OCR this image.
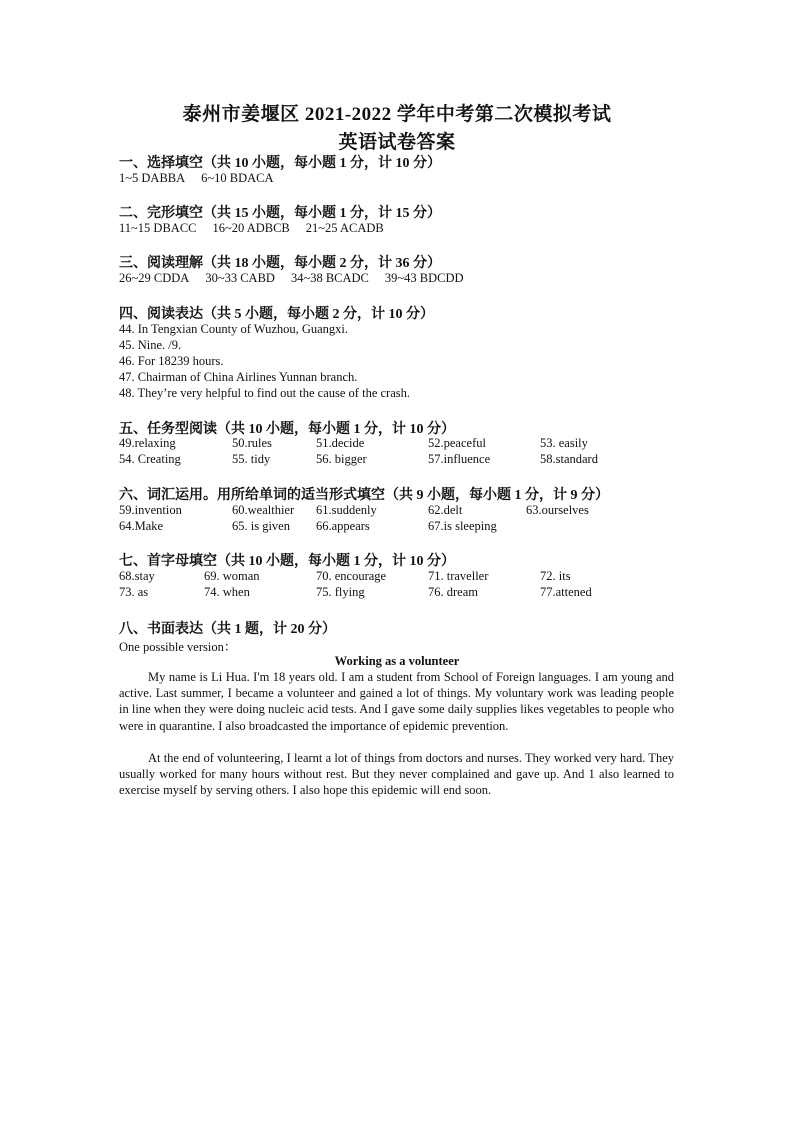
泰州市姜堰区 2021-2022 学年中考第二次模拟考试
英语试卷答案
一、选择填空（共 10 小题，每小题 1 分，计 10 分）
1~5 DABBA 6~10 BDACA
二、完形填空（共 15 小题，每小题 1 分，计 15 分）
11~15 DBACC 16~20 ADBCB 21~25 ACADB
三、阅读理解（共 18 小题，每小题 2 分，计 36 分）
26~29 CDDA 30~33 CABD 34~38 BCADC 39~43 BDCDD
四、阅读表达（共 5 小题，每小题 2 分，计 10 分）
44. In Tengxian County of Wuzhou, Guangxi.
45. Nine. /9.
46. For 18239 hours.
47. Chairman of China Airlines Yunnan branch.
48. They’re very helpful to find out the cause of the crash.
五、任务型阅读（共 10 小题，每小题 1 分，计 10 分）
49.relaxing	50.rules	51.decide	52.peaceful	53. easily
54. Creating	55. tidy	56. bigger	57.influence	58.standard
六、词汇运用。用所给单词的适当形式填空（共 9 小题，每小题 1 分，计 9 分）
59.invention	60.wealthier 61.suddenly	62.delt	63.ourselves
64.Make	65. is given 66.appears	67.is sleeping
七、首字母填空（共 10 小题，每小题 1 分，计 10 分）
68.stay	69. woman	70. encourage	71. traveller	72. its
73. as	74. when	75. flying	76. dream	77.attened
八、书面表达（共 1 题，计 20 分）
One possible version：
Working as a volunteer

My name is Li Hua. I'm 18 years old. I am a student from School of Foreign languages. I am young and active. Last summer, I became a volunteer and gained a lot of things. My voluntary work was leading people in line when they were doing nucleic acid tests. And I gave some daily supplies likes vegetables to people who were in quarantine. I also broadcasted the importance of epidemic prevention.

At the end of volunteering, I learnt a lot of things from doctors and nurses. They worked very hard. They usually worked for many hours without rest. But they never complained and gave up. And 1 also learned to exercise myself by serving others. I also hope this epidemic will end soon.
